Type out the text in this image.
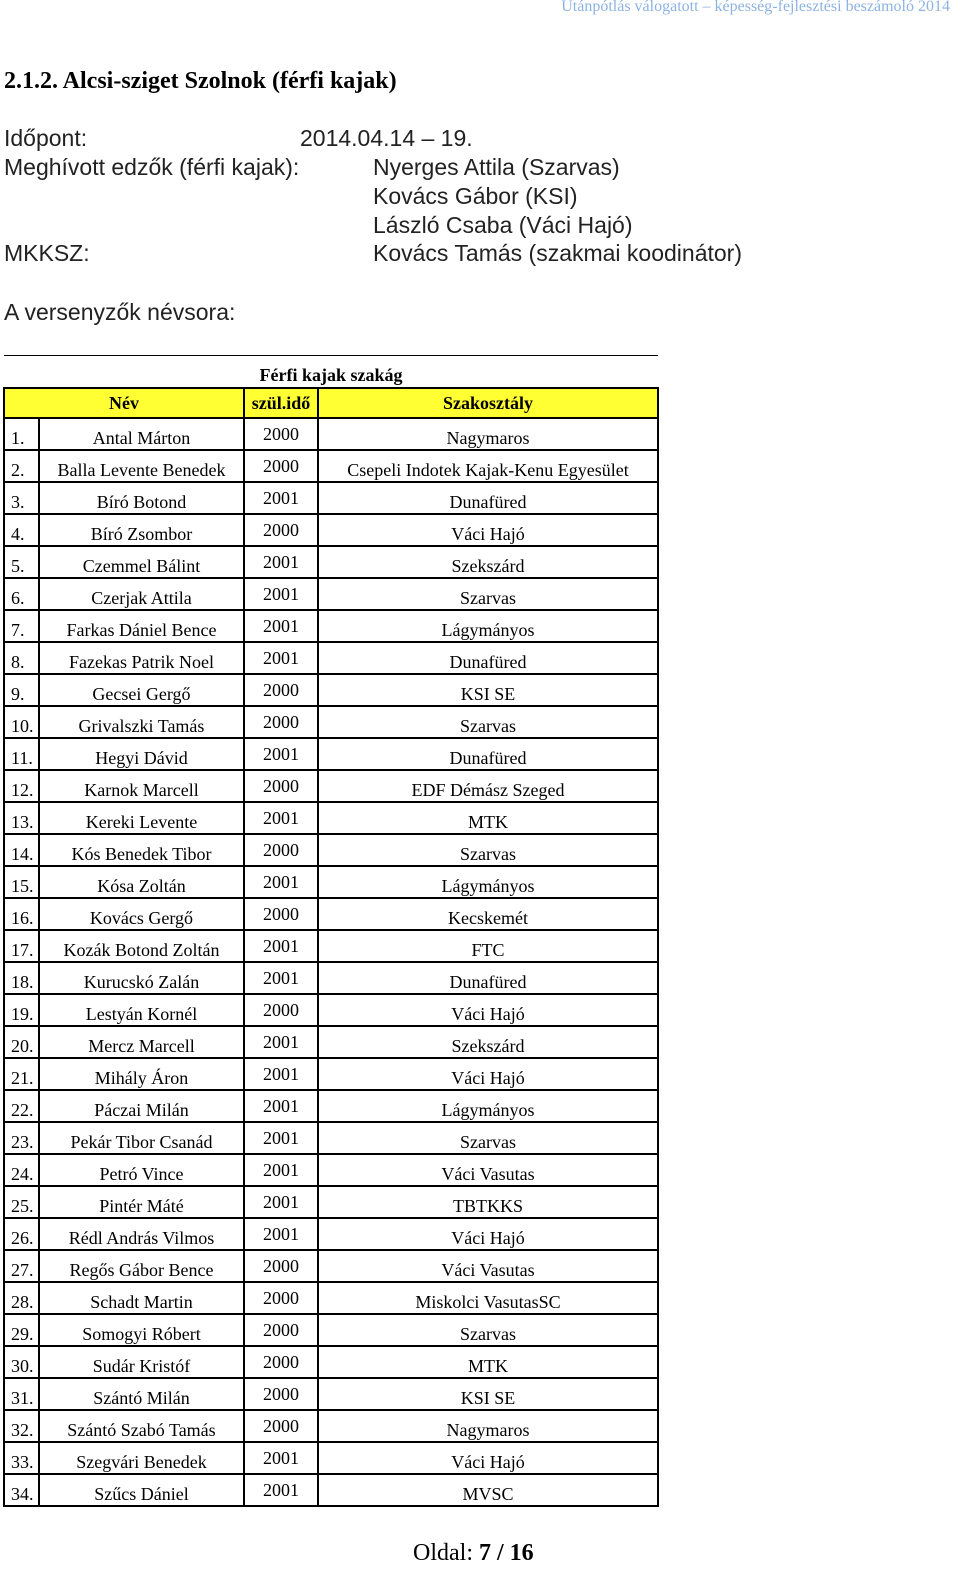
Utánpótlás válogatott – képesség-fejlesztési beszámoló 2014
2.1.2. Alcsi-sziget Szolnok (férfi kajak)
Időpont:	2014.04.14 – 19.
Meghívott edzők (férfi kajak):	Nyerges Attila (Szarvas)
Kovács Gábor (KSI)
László Csaba (Váci Hajó)
MKKSZ:	Kovács Tamás (szakmai koodinátor)
A versenyzők névsora:
Férfi kajak szakág			
Név		szül.idő	Szakosztály
1.	Antal Márton	2000	Nagymaros
2.	Balla Levente Benedek	2000	Csepeli Indotek Kajak-Kenu Egyesület
3.	Bíró Botond	2001	Dunafüred
4.	Bíró Zsombor	2000	Váci Hajó
5.	Czemmel Bálint	2001	Szekszárd
6.	Czerjak Attila	2001	Szarvas
7.	Farkas Dániel Bence	2001	Lágymányos
8.	Fazekas Patrik Noel	2001	Dunafüred
9.	Gecsei Gergő	2000	KSI SE
10.	Grivalszki Tamás	2000	Szarvas
11.	Hegyi Dávid	2001	Dunafüred
12.	Karnok Marcell	2000	EDF Démász Szeged
13.	Kereki Levente	2001	MTK
14.	Kós Benedek Tibor	2000	Szarvas
15.	Kósa Zoltán	2001	Lágymányos
16.	Kovács Gergő	2000	Kecskemét
17.	Kozák Botond Zoltán	2001	FTC
18.	Kurucskó Zalán	2001	Dunafüred
19.	Lestyán Kornél	2000	Váci Hajó
20.	Mercz Marcell	2001	Szekszárd
21.	Mihály Áron	2001	Váci Hajó
22.	Páczai Milán	2001	Lágymányos
23.	Pekár Tibor Csanád	2001	Szarvas
24.	Petró Vince	2001	Váci Vasutas
25.	Pintér Máté	2001	TBTKKS
26.	Rédl András Vilmos	2001	Váci Hajó
27.	Regős Gábor Bence	2000	Váci Vasutas
28.	Schadt Martin	2000	Miskolci VasutasSC
29.	Somogyi Róbert	2000	Szarvas
30.	Sudár Kristóf	2000	MTK
31.	Szántó Milán	2000	KSI SE
32.	Szántó Szabó Tamás	2000	Nagymaros
33.	Szegvári Benedek	2001	Váci Hajó
34.	Szűcs Dániel	2001	MVSC
Oldal: 7 / 16
